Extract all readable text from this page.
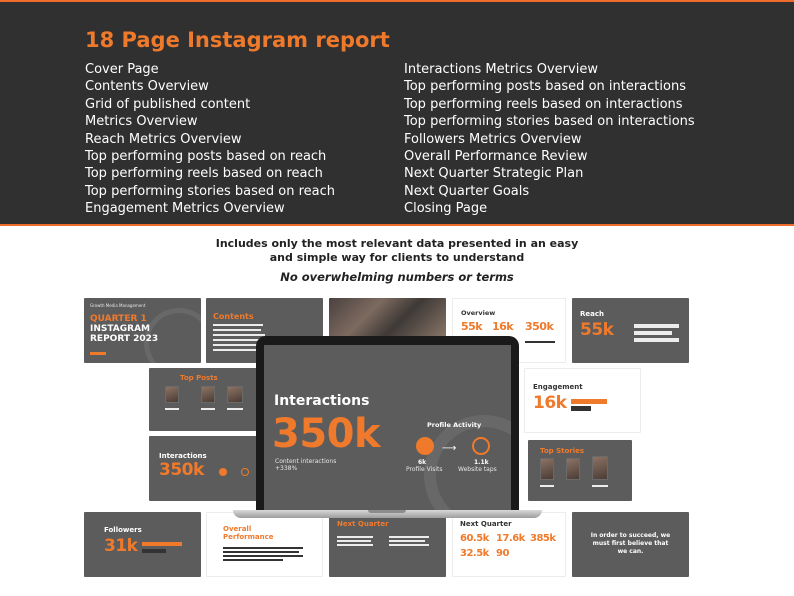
18 Page Instagram report
Cover Page
Contents Overview
Grid of published content
Metrics Overview
Reach Metrics Overview
Top performing posts based on reach
Top performing reels based on reach
Top performing stories based on reach
Engagement Metrics Overview
Interactions Metrics Overview
Top performing posts based on interactions
Top performing reels based on interactions
Top performing stories based on interactions
Followers Metrics Overview
Overall Performance Review
Next Quarter Strategic Plan
Next Quarter Goals
Closing Page
Includes only the most relevant data presented in an easy
and simple way for clients to understand
No overwhelming numbers or terms
Growth Media Management
QUARTER 1
INSTAGRAM
REPORT 2023
Contents	Overview
55k 16k 350k
Reach
55k
Top Posts
Engagement
16k
Interactions
350k
Top Stories
Followers
31k
Overall
Performance
Next Quarter	Next Quarter
60.5k 17.6k 385k
32.5k 90
In order to succeed, we
must first believe that
we can.
Interactions
350k
Content interactions
+338%
Profile Activity
⟶
6k
Profile Visits
1.1k
Website taps
